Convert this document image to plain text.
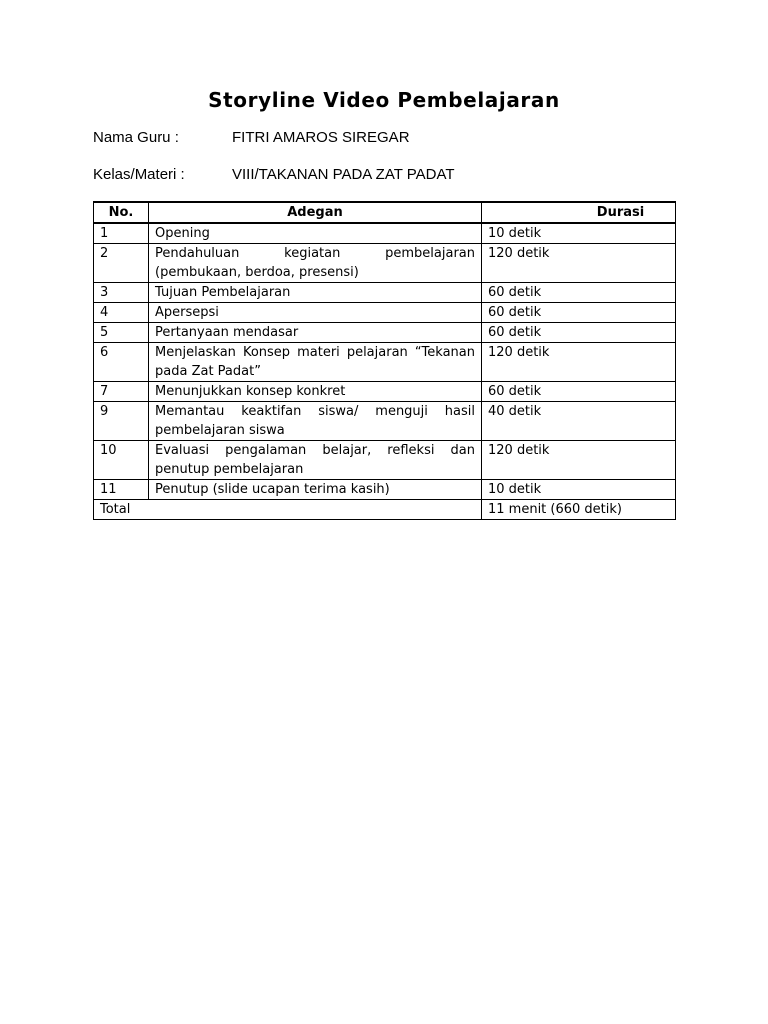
Storyline Video Pembelajaran
Nama Guru :	FITRI AMAROS SIREGAR
Kelas/Materi :	VIII/TAKANAN PADA ZAT PADAT
No.	Adegan	Durasi
1	Opening	10 detik
2	Pendahuluan kegiatan pembelajaran (pembukaan, berdoa, presensi)	120 detik
3	Tujuan Pembelajaran	60 detik
4	Apersepsi	60 detik
5	Pertanyaan mendasar	60 detik
6	Menjelaskan Konsep materi pelajaran “Tekanan pada Zat Padat”	120 detik
7	Menunjukkan konsep konkret	60 detik
9	Memantau keaktifan siswa/ menguji hasil pembelajaran siswa	40 detik
10	Evaluasi pengalaman belajar, refleksi dan penutup pembelajaran	120 detik
11	Penutup (slide ucapan terima kasih)	10 detik
Total		11 menit (660 detik)
